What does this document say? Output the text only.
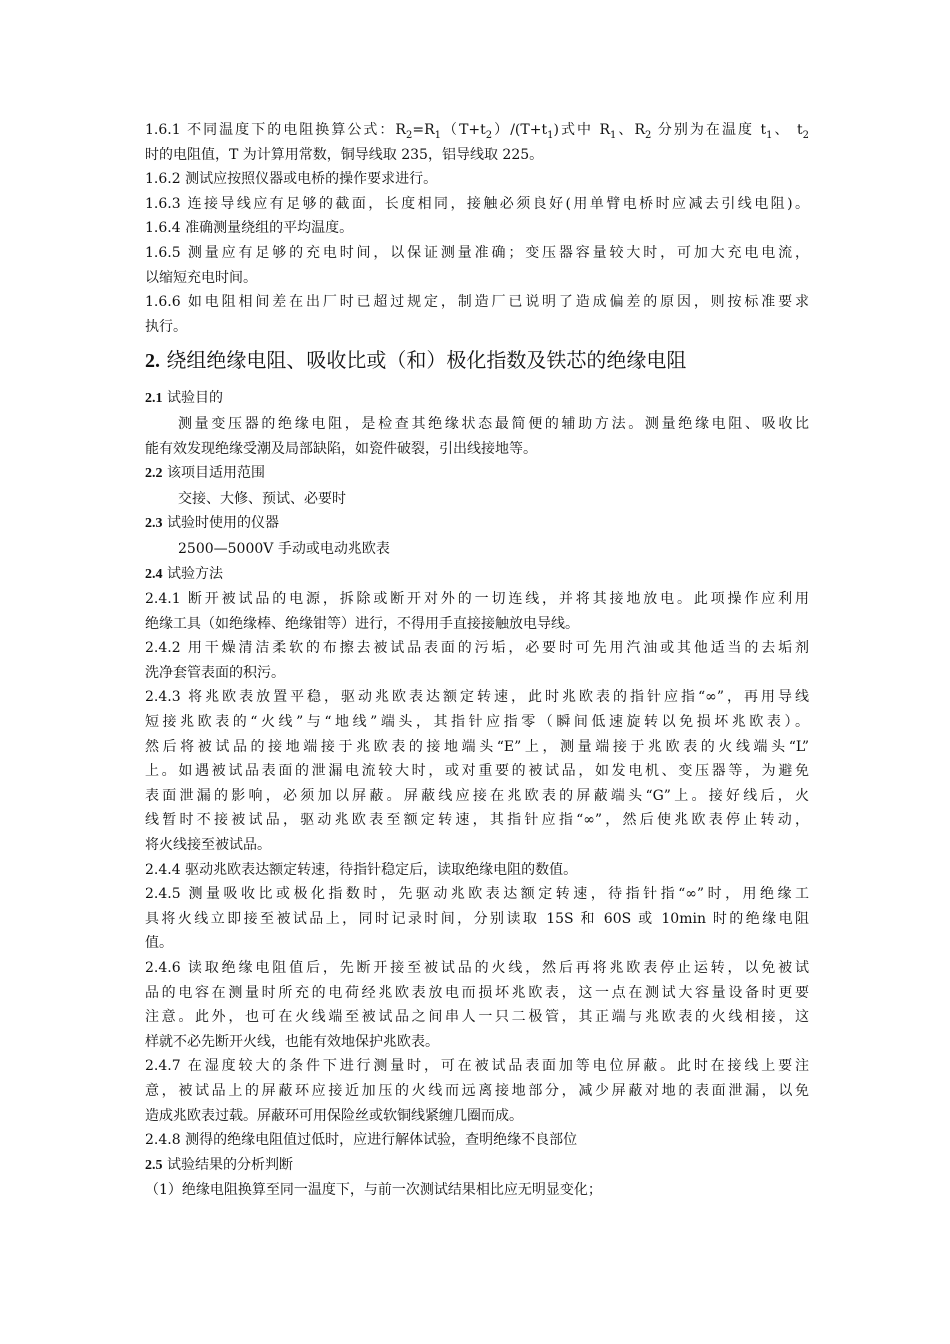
1.6.1 不同温度下的电阻换算公式：$R_2=R_1(T+t_2)/(T+t_1)$式中 $R_1$、$R_2$ 分别为在温度 $t_1$、 $t_2$
时的电阻值，T 为计算用常数，铜导线取 235，铝导线取 225。
1.6.2 测试应按照仪器或电桥的操作要求进行。
1.6.3 连接导线应有足够的截面，长度相同，接触必须良好(用单臂电桥时应减去引线电阻)。
1.6.4 准确测量绕组的平均温度。
1.6.5 测量应有足够的充电时间，以保证测量准确；变压器容量较大时，可加大充电电流，
以缩短充电时间。
1.6.6 如电阻相间差在出厂时已超过规定，制造厂已说明了造成偏差的原因，则按标准要求
执行。
2. 绕组绝缘电阻、吸收比或（和）极化指数及铁芯的绝缘电阻
2.1 试验目的
测量变压器的绝缘电阻，是检查其绝缘状态最简便的辅助方法。测量绝缘电阻、吸收比
能有效发现绝缘受潮及局部缺陷，如瓷件破裂，引出线接地等。
2.2 该项目适用范围
交接、大修、预试、必要时
2.3 试验时使用的仪器
2500—5000V 手动或电动兆欧表
2.4 试验方法
2.4.1 断开被试品的电源，拆除或断开对外的一切连线，并将其接地放电。此项操作应利用
绝缘工具（如绝缘棒、绝缘钳等）进行，不得用手直接接触放电导线。
2.4.2 用干燥清洁柔软的布擦去被试品表面的污垢，必要时可先用汽油或其他适当的去垢剂
洗净套管表面的积污。
2.4.3 将兆欧表放置平稳，驱动兆欧表达额定转速，此时兆欧表的指针应指“∞”，再用导线
短接兆欧表的“火线”与“地线”端头，其指针应指零（瞬间低速旋转以免损坏兆欧表）。
然后将被试品的接地端接于兆欧表的接地端头“E”上，测量端接于兆欧表的火线端头“L”
上。如遇被试品表面的泄漏电流较大时，或对重要的被试品，如发电机、变压器等，为避免
表面泄漏的影响，必须加以屏蔽。屏蔽线应接在兆欧表的屏蔽端头“G”上。接好线后，火
线暂时不接被试品，驱动兆欧表至额定转速，其指针应指“∞”，然后使兆欧表停止转动，
将火线接至被试品。
2.4.4 驱动兆欧表达额定转速，待指针稳定后，读取绝缘电阻的数值。
2.4.5 测量吸收比或极化指数时，先驱动兆欧表达额定转速，待指针指“∞”时，用绝缘工
具将火线立即接至被试品上，同时记录时间，分别读取 15S 和 60S 或 10min 时的绝缘电阻
值。
2.4.6 读取绝缘电阻值后，先断开接至被试品的火线，然后再将兆欧表停止运转，以免被试
品的电容在测量时所充的电荷经兆欧表放电而损坏兆欧表，这一点在测试大容量设备时更要
注意。此外，也可在火线端至被试品之间串人一只二极管，其正端与兆欧表的火线相接，这
样就不必先断开火线，也能有效地保护兆欧表。
2.4.7 在湿度较大的条件下进行测量时，可在被试品表面加等电位屏蔽。此时在接线上要注
意，被试品上的屏蔽环应接近加压的火线而远离接地部分，减少屏蔽对地的表面泄漏，以免
造成兆欧表过载。屏蔽环可用保险丝或软铜线紧缠几圈而成。
2.4.8 测得的绝缘电阻值过低时，应进行解体试验，查明绝缘不良部位
2.5 试验结果的分析判断
（1）绝缘电阻换算至同一温度下，与前一次测试结果相比应无明显变化；
